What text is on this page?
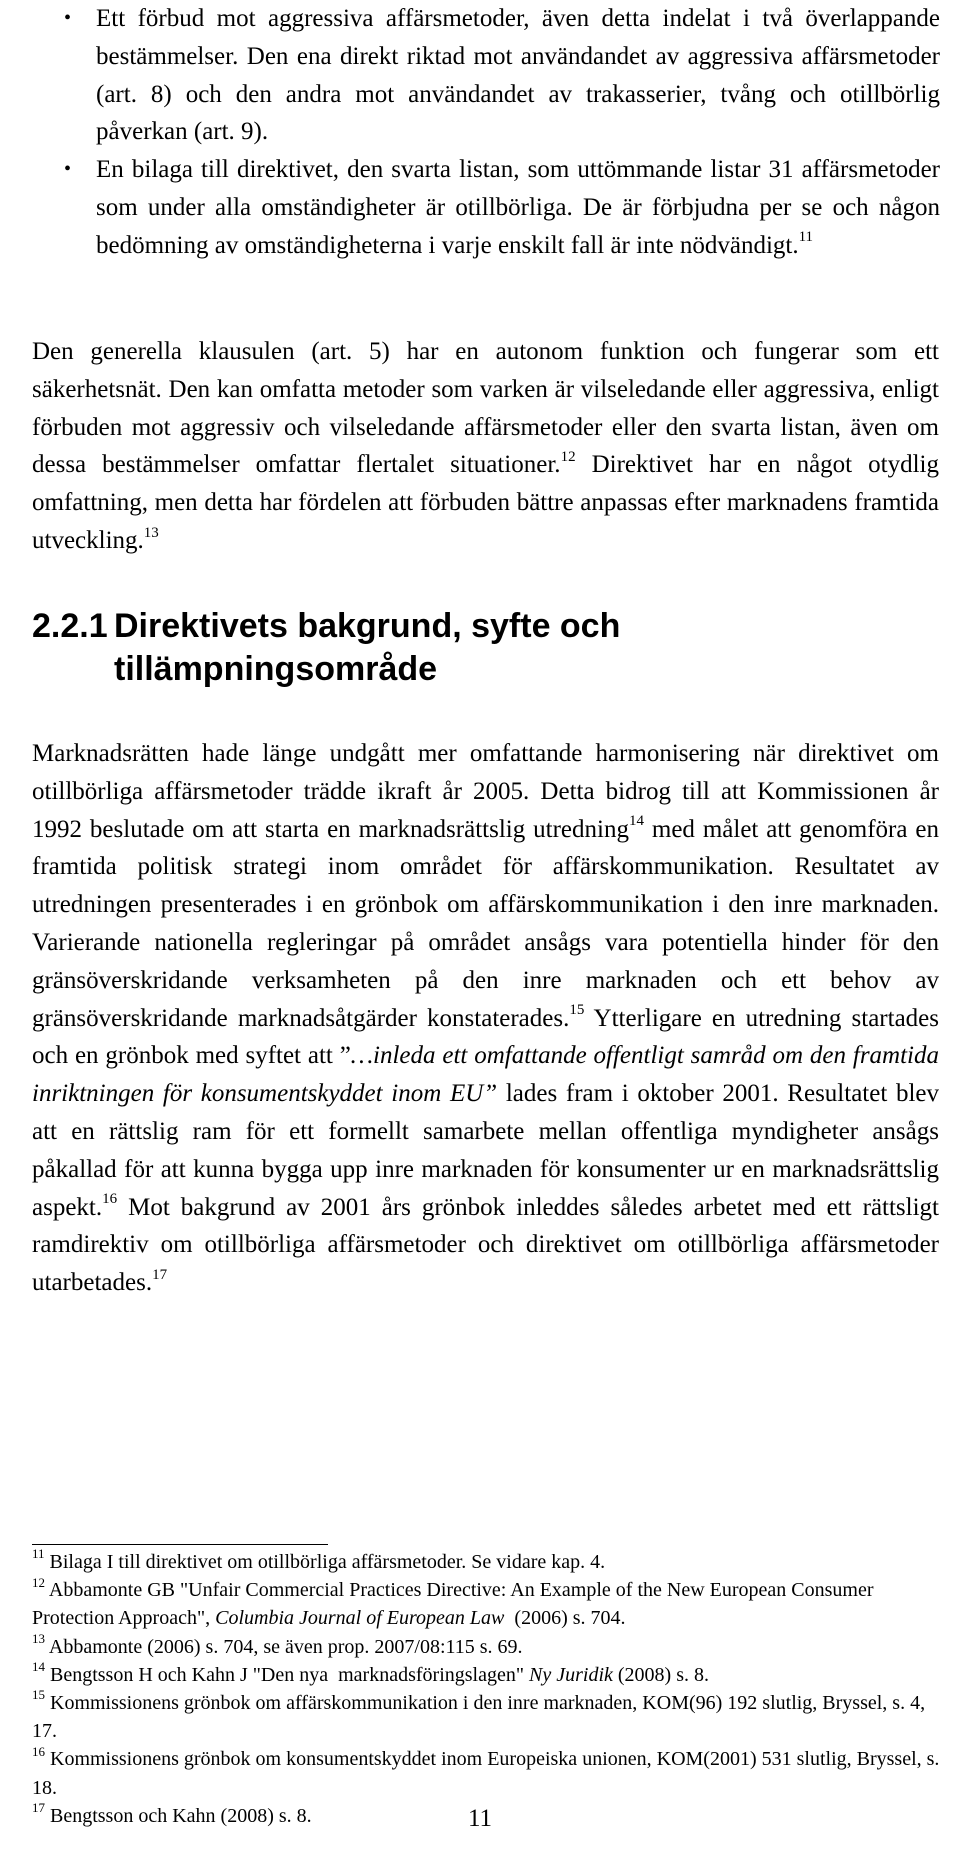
• Ett förbud mot aggressiva affärsmetoder, även detta indelat i två överlappande bestämmelser. Den ena direkt riktad mot användandet av aggressiva affärsmetoder (art. 8) och den andra mot användandet av trakasserier, tvång och otillbörlig påverkan (art. 9).
• En bilaga till direktivet, den svarta listan, som uttömmande listar 31 affärsmetoder som under alla omständigheter är otillbörliga. De är förbjudna per se och någon bedömning av omständigheterna i varje enskilt fall är inte nödvändigt.$^{11}$

Den generella klausulen (art. 5) har en autonom funktion och fungerar som ett säkerhetsnät. Den kan omfatta metoder som varken är vilseledande eller aggressiva, enligt förbuden mot aggressiv och vilseledande affärsmetoder eller den svarta listan, även om dessa bestämmelser omfattar flertalet situationer.$^{12}$ Direktivet har en något otydlig omfattning, men detta har fördelen att förbuden bättre anpassas efter marknadens framtida utveckling.$^{13}$

2.2.1 Direktivets bakgrund, syfte och
tillämpningsområde

Marknadsrätten hade länge undgått mer omfattande harmonisering när direktivet om otillbörliga affärsmetoder trädde ikraft år 2005. Detta bidrog till att Kommissionen år 1992 beslutade om att starta en marknadsrättslig utredning$^{14}$ med målet att genomföra en framtida politisk strategi inom området för affärskommunikation. Resultatet av utredningen presenterades i en grönbok om affärskommunikation i den inre marknaden. Varierande nationella regleringar på området ansågs vara potentiella hinder för den gränsöverskridande verksamheten på den inre marknaden och ett behov av gränsöverskridande marknadsåtgärder konstaterades.$^{15}$ Ytterligare en utredning startades och en grönbok med syftet att ”…inleda ett omfattande offentligt samråd om den framtida inriktningen för konsumentskyddet inom EU” lades fram i oktober 2001. Resultatet blev att en rättslig ram för ett formellt samarbete mellan offentliga myndigheter ansågs påkallad för att kunna bygga upp inre marknaden för konsumenter ur en marknadsrättslig aspekt.$^{16}$ Mot bakgrund av 2001 års grönbok inleddes således arbetet med ett rättsligt ramdirektiv om otillbörliga affärsmetoder och direktivet om otillbörliga affärsmetoder utarbetades.$^{17}$

$^{11}$ Bilaga I till direktivet om otillbörliga affärsmetoder. Se vidare kap. 4.
$^{12}$ Abbamonte GB "Unfair Commercial Practices Directive: An Example of the New European Consumer Protection Approach", Columbia Journal of European Law  (2006) s. 704.
$^{13}$ Abbamonte (2006) s. 704, se även prop. 2007/08:115 s. 69.
$^{14}$ Bengtsson H och Kahn J "Den nya  marknadsföringslagen" Ny Juridik (2008) s. 8.
$^{15}$ Kommissionens grönbok om affärskommunikation i den inre marknaden, KOM(96) 192 slutlig, Bryssel, s. 4, 17.
$^{16}$ Kommissionens grönbok om konsumentskyddet inom Europeiska unionen, KOM(2001) 531 slutlig, Bryssel, s. 18.
$^{17}$ Bengtsson och Kahn (2008) s. 8.	11
